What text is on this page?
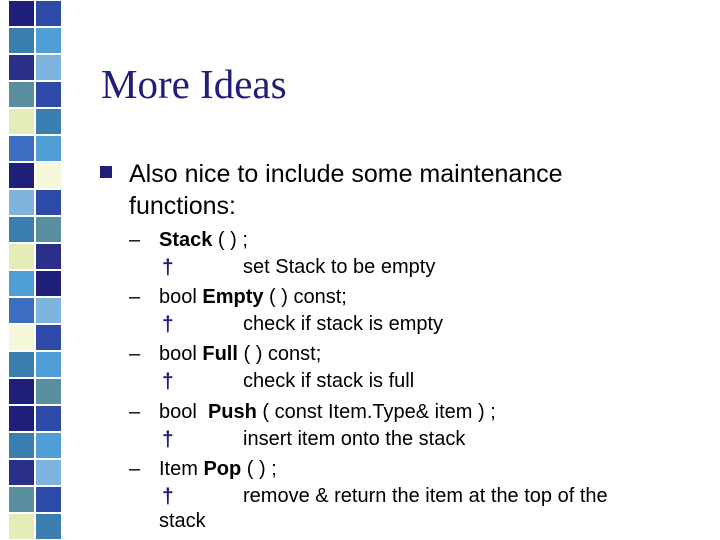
More Ideas
Also nice to include some maintenance
functions:
– Stack ( ) ;
†	set Stack to be empty
– bool Empty ( ) const;
†	check if stack is empty
– bool Full ( ) const;
†	check if stack is full
– bool  Push ( const Item.Type& item ) ;
†	insert item onto the stack
– Item Pop ( ) ;
†	remove & return the item at the top of the
stack
